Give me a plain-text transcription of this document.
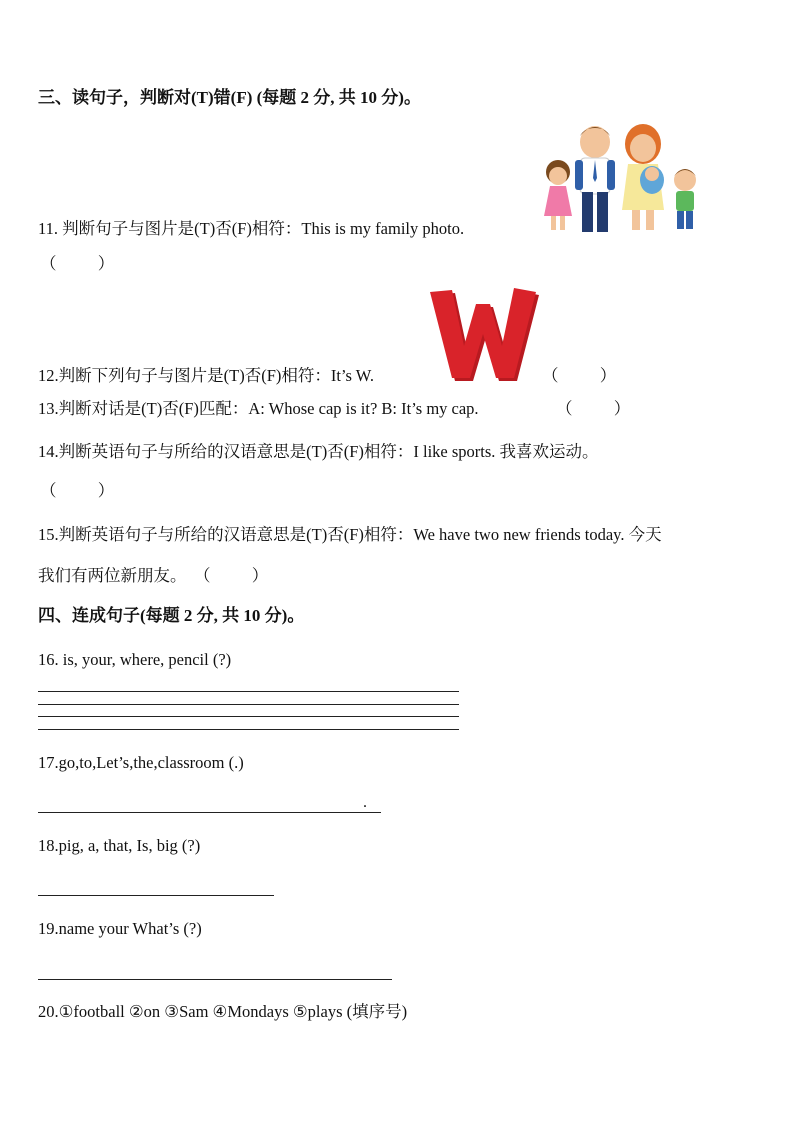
三、读句子，判断对(T)错(F) (每题 2 分, 共 10 分)。
11. 判断句子与图片是(T)否(F)相符：This is my family photo.
（          ）
12.判断下列句子与图片是(T)否(F)相符：It’s W.	（          ）
13.判断对话是(T)否(F)匹配：A: Whose cap is it? B: It’s my cap.	（          ）
14.判断英语句子与所给的汉语意思是(T)否(F)相符：I like sports. 我喜欢运动。
（          ）
15.判断英语句子与所给的汉语意思是(T)否(F)相符：We have two new friends today. 今天
我们有两位新朋友。 （          ）
四、连成句子(每题 2 分, 共 10 分)。
16. is, your, where, pencil (?)
17.go,to,Let’s,the,classroom (.)
.
18.pig, a, that, Is, big (?)
19.name your What’s (?)
20.①football ②on ③Sam ④Mondays ⑤plays (填序号)
